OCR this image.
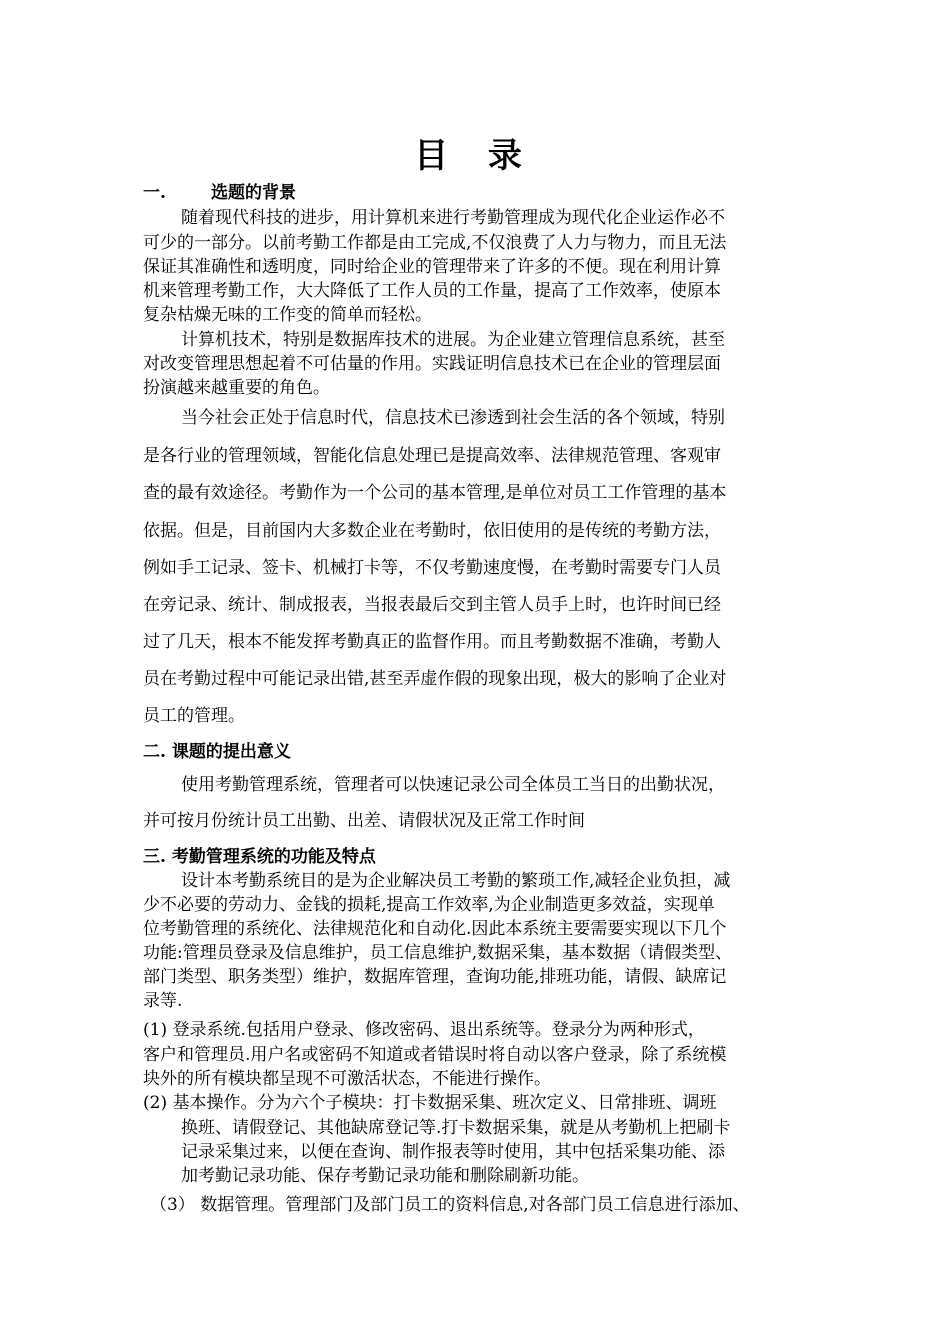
目 录
一.	选题的背景
随着现代科技的进步，用计算机来进行考勤管理成为现代化企业运作必不
可少的一部分。以前考勤工作都是由工完成,不仅浪费了人力与物力，而且无法
保证其准确性和透明度，同时给企业的管理带来了许多的不便。现在利用计算
机来管理考勤工作，大大降低了工作人员的工作量，提高了工作效率，使原本
复杂枯燥无味的工作变的简单而轻松。
计算机技术，特别是数据库技术的进展。为企业建立管理信息系统，甚至
对改变管理思想起着不可估量的作用。实践证明信息技术已在企业的管理层面
扮演越来越重要的角色。
当今社会正处于信息时代，信息技术已渗透到社会生活的各个领域，特别
是各行业的管理领域，智能化信息处理已是提高效率、法律规范管理、客观审
查的最有效途径。考勤作为一个公司的基本管理,是单位对员工工作管理的基本
依据。但是，目前国内大多数企业在考勤时，依旧使用的是传统的考勤方法，
例如手工记录、签卡、机械打卡等，不仅考勤速度慢，在考勤时需要专门人员
在旁记录、统计、制成报表，当报表最后交到主管人员手上时，也许时间已经
过了几天，根本不能发挥考勤真正的监督作用。而且考勤数据不准确，考勤人
员在考勤过程中可能记录出错,甚至弄虚作假的现象出现，极大的影响了企业对
员工的管理。
二. 课题的提出意义
使用考勤管理系统，管理者可以快速记录公司全体员工当日的出勤状况，
并可按月份统计员工出勤、出差、请假状况及正常工作时间
三. 考勤管理系统的功能及特点
设计本考勤系统目的是为企业解决员工考勤的繁琐工作,减轻企业负担，减
少不必要的劳动力、金钱的损耗,提高工作效率,为企业制造更多效益，实现单
位考勤管理的系统化、法律规范化和自动化.因此本系统主要需要实现以下几个
功能:管理员登录及信息维护，员工信息维护,数据采集，基本数据（请假类型、
部门类型、职务类型）维护，数据库管理，查询功能,排班功能，请假、缺席记
录等.
(1) 登录系统.包括用户登录、修改密码、退出系统等。登录分为两种形式，
客户和管理员.用户名或密码不知道或者错误时将自动以客户登录，除了系统模
块外的所有模块都呈现不可激活状态，不能进行操作。
(2) 基本操作。分为六个子模块：打卡数据采集、班次定义、日常排班、调班
换班、请假登记、其他缺席登记等.打卡数据采集，就是从考勤机上把刷卡
记录采集过来，以便在查询、制作报表等时使用，其中包括采集功能、添
加考勤记录功能、保存考勤记录功能和删除刷新功能。
（3） 数据管理。管理部门及部门员工的资料信息,对各部门员工信息进行添加、
